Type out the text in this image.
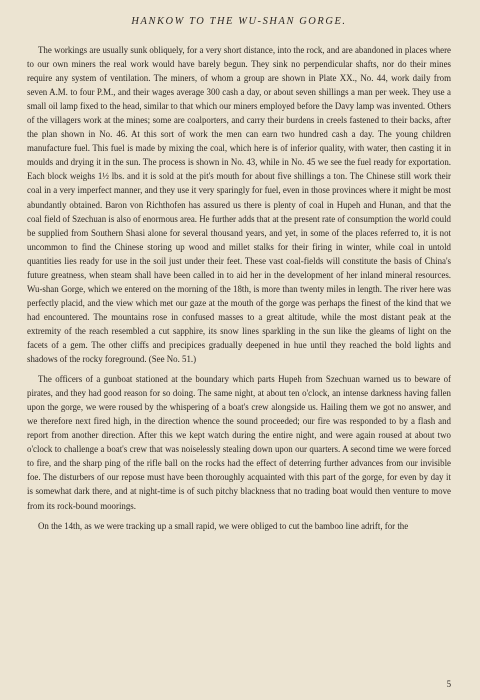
HANKOW TO THE WU-SHAN GORGE.

The workings are usually sunk obliquely, for a very short distance, into the rock, and are abandoned in places where to our own miners the real work would have barely begun. They sink no perpendicular shafts, nor do their mines require any system of ventilation. The miners, of whom a group are shown in Plate XX., No. 44, work daily from seven A.M. to four P.M., and their wages average 300 cash a day, or about seven shillings a man per week. They use a small oil lamp fixed to the head, similar to that which our miners employed before the Davy lamp was invented. Others of the villagers work at the mines; some are coalporters, and carry their burdens in creels fastened to their backs, after the plan shown in No. 46. At this sort of work the men can earn two hundred cash a day. The young children manufacture fuel. This fuel is made by mixing the coal, which here is of inferior quality, with water, then casting it in moulds and drying it in the sun. The process is shown in No. 43, while in No. 45 we see the fuel ready for exportation. Each block weighs 1½ lbs. and it is sold at the pit's mouth for about five shillings a ton. The Chinese still work their coal in a very imperfect manner, and they use it very sparingly for fuel, even in those provinces where it might be most abundantly obtained. Baron von Richthofen has assured us there is plenty of coal in Hupeh and Hunan, and that the coal field of Szechuan is also of enormous area. He further adds that at the present rate of consumption the world could be supplied from Southern Shasi alone for several thousand years, and yet, in some of the places referred to, it is not uncommon to find the Chinese storing up wood and millet stalks for their firing in winter, while coal in untold quantities lies ready for use in the soil just under their feet. These vast coal-fields will constitute the basis of China's future greatness, when steam shall have been called in to aid her in the development of her inland mineral resources. Wu-shan Gorge, which we entered on the morning of the 18th, is more than twenty miles in length. The river here was perfectly placid, and the view which met our gaze at the mouth of the gorge was perhaps the finest of the kind that we had encountered. The mountains rose in confused masses to a great altitude, while the most distant peak at the extremity of the reach resembled a cut sapphire, its snow lines sparkling in the sun like the gleams of light on the facets of a gem. The other cliffs and precipices gradually deepened in hue until they reached the bold lights and shadows of the rocky foreground. (See No. 51.)

The officers of a gunboat stationed at the boundary which parts Hupeh from Szechuan warned us to beware of pirates, and they had good reason for so doing. The same night, at about ten o'clock, an intense darkness having fallen upon the gorge, we were roused by the whispering of a boat's crew alongside us. Hailing them we got no answer, and we therefore next fired high, in the direction whence the sound proceeded; our fire was responded to by a flash and report from another direction. After this we kept watch during the entire night, and were again roused at about two o'clock to challenge a boat's crew that was noiselessly stealing down upon our quarters. A second time we were forced to fire, and the sharp ping of the rifle ball on the rocks had the effect of deterring further advances from our invisible foe. The disturbers of our repose must have been thoroughly acquainted with this part of the gorge, for even by day it is somewhat dark there, and at night-time is of such pitchy blackness that no trading boat would then venture to move from its rock-bound moorings.

On the 14th, as we were tracking up a small rapid, we were obliged to cut the bamboo line adrift, for the

5
